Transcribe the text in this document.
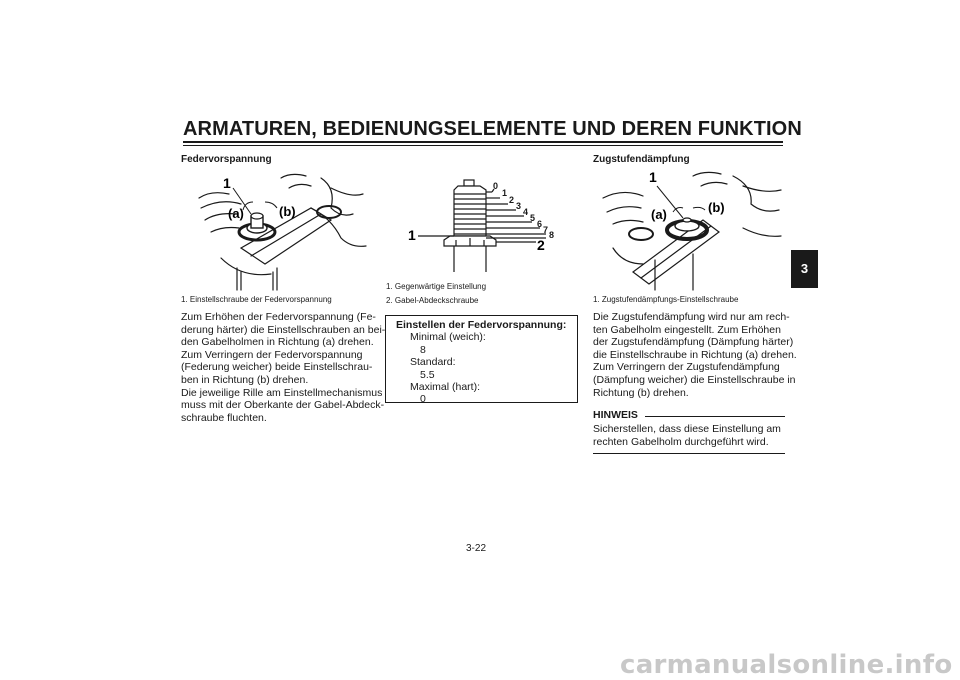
ARMATUREN, BEDIENUNGSELEMENTE UND DEREN FUNKTION
3
Federvorspannung
1
(a)	(b)
1. Einstellschraube der Federvorspannung

Zum Erhöhen der Federvorspannung (Fe-

derung härter) die Einstellschrauben an bei-

den Gabelholmen in Richtung (a) drehen.

Zum Verringern der Federvorspannung

(Federung weicher) beide Einstellschrau-

ben in Richtung (b) drehen.

Die jeweilige Rille am Einstellmechanismus

muss mit der Oberkante der Gabel-Abdeck-

schraube fluchten.

0
1
2
3
4
5
6
7 8
1
2
1. Gegenwärtige Einstellung
2. Gabel-Abdeckschraube
Einstellen der Federvorspannung:
Minimal (weich):
8
Standard:
5.5
Maximal (hart):
0
Zugstufendämpfung
1
(a)	(b)
1. Zugstufendämpfungs-Einstellschraube

Die Zugstufendämpfung wird nur am rech-

ten Gabelholm eingestellt. Zum Erhöhen

der Zugstufendämpfung (Dämpfung härter)

die Einstellschraube in Richtung (a) drehen.

Zum Verringern der Zugstufendämpfung

(Dämpfung weicher) die Einstellschraube in

Richtung (b) drehen.

HINWEIS

Sicherstellen, dass diese Einstellung am

rechten Gabelholm durchgeführt wird.

3-22
carmanualsonline.info
